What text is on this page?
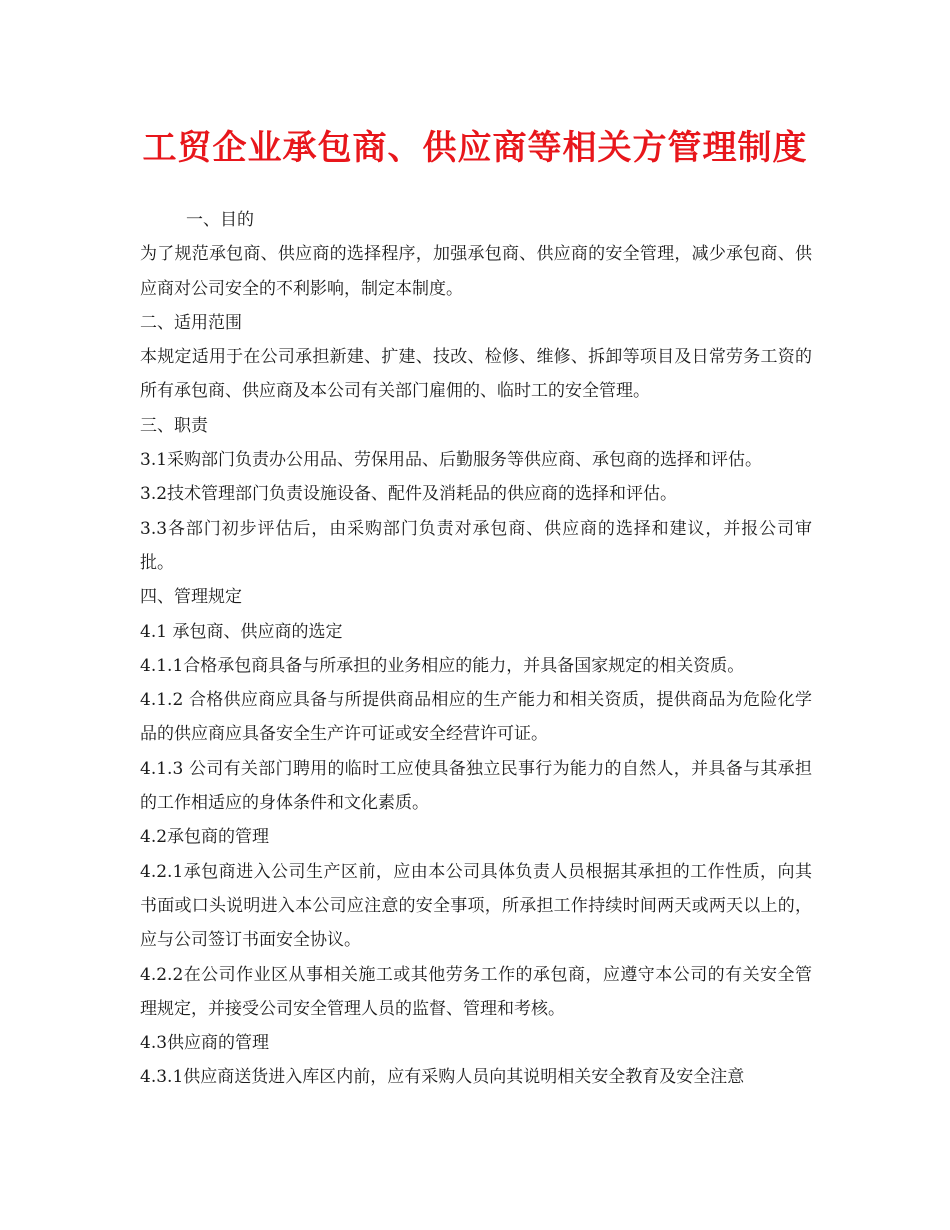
工贸企业承包商、供应商等相关方管理制度

一、目的

为了规范承包商、供应商的选择程序，加强承包商、供应商的安全管理，减少承包商、供应商对公司安全的不利影响，制定本制度。

二、适用范围

本规定适用于在公司承担新建、扩建、技改、检修、维修、拆卸等项目及日常劳务工资的所有承包商、供应商及本公司有关部门雇佣的、临时工的安全管理。

三、职责

3.1采购部门负责办公用品、劳保用品、后勤服务等供应商、承包商的选择和评估。

3.2技术管理部门负责设施设备、配件及消耗品的供应商的选择和评估。

3.3各部门初步评估后，由采购部门负责对承包商、供应商的选择和建议，并报公司审批。

四、管理规定

4.1 承包商、供应商的选定

4.1.1合格承包商具备与所承担的业务相应的能力，并具备国家规定的相关资质。

4.1.2 合格供应商应具备与所提供商品相应的生产能力和相关资质，提供商品为危险化学品的供应商应具备安全生产许可证或安全经营许可证。

4.1.3 公司有关部门聘用的临时工应使具备独立民事行为能力的自然人，并具备与其承担的工作相适应的身体条件和文化素质。

4.2承包商的管理

4.2.1承包商进入公司生产区前，应由本公司具体负责人员根据其承担的工作性质，向其书面或口头说明进入本公司应注意的安全事项，所承担工作持续时间两天或两天以上的，应与公司签订书面安全协议。

4.2.2在公司作业区从事相关施工或其他劳务工作的承包商，应遵守本公司的有关安全管理规定，并接受公司安全管理人员的监督、管理和考核。

4.3供应商的管理

4.3.1供应商送货进入库区内前，应有采购人员向其说明相关安全教育及安全注意
